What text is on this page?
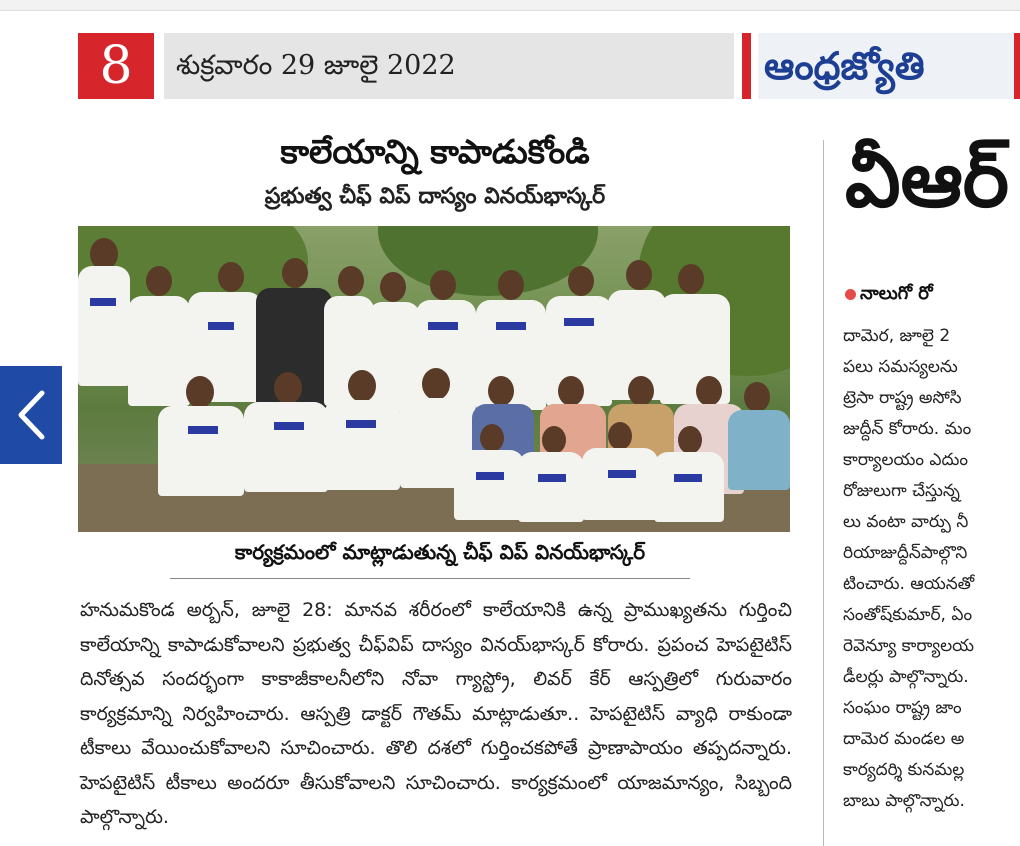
8	శుక్రవారం 29 జూలై 2022	ఆంధ్రజ్యోతి
కాలేయాన్ని కాపాడుకోండి
ప్రభుత్వ చీఫ్ విప్ దాస్యం వినయ్‌భాస్కర్
కార్యక్రమంలో మాట్లాడుతున్న చీఫ్ విప్ వినయ్‌భాస్కర్
హనుమకొండ అర్బన్, జూలై 28: మానవ శరీరంలో కాలేయానికి ఉన్న ప్రాముఖ్యతను గుర్తించి కాలేయాన్ని కాపాడుకోవాలని ప్రభుత్వ చీఫ్‌విప్ దాస్యం వినయ్‌భాస్కర్ కోరారు. ప్రపంచ హెపటైటిస్ దినోత్సవ సందర్భంగా కాకాజీకాలనీలోని నోవా గ్యాస్ట్రో, లివర్ కేర్ ఆస్పత్రిలో గురువారం కార్యక్రమాన్ని నిర్వహించారు. ఆస్పత్రి డాక్టర్ గౌతమ్ మాట్లాడుతూ.. హెపటైటిస్ వ్యాధి రాకుండా టీకాలు వేయించుకోవాలని సూచించారు. తొలి దశలో గుర్తించకపోతే ప్రాణాపాయం తప్పదన్నారు. హెపటైటిస్ టీకాలు అందరూ తీసుకోవాలని సూచించారు. కార్యక్రమంలో యాజమాన్యం, సిబ్బంది పాల్గొన్నారు.
వీఆర్
నాలుగో రో
దామెర, జూలై 2
పలు సమస్యలను
ట్రెసా రాష్ట్ర అసోసి
జుద్దీన్ కోరారు. మం
కార్యాలయం ఎదుం
రోజులుగా చేస్తున్న
లు వంటా వార్పు నీ
రియాజుద్దీన్‌పాల్గొని
టించారు. ఆయనతో
సంతోష్‌కుమార్, ఏం
రెవెన్యూ కార్యాలయ
డీలర్లు పాల్గొన్నారు.
సంఘం రాష్ట్ర జాం
దామెర మండల అ
కార్యదర్శి కునమల్ల
బాబు పాల్గొన్నారు.
